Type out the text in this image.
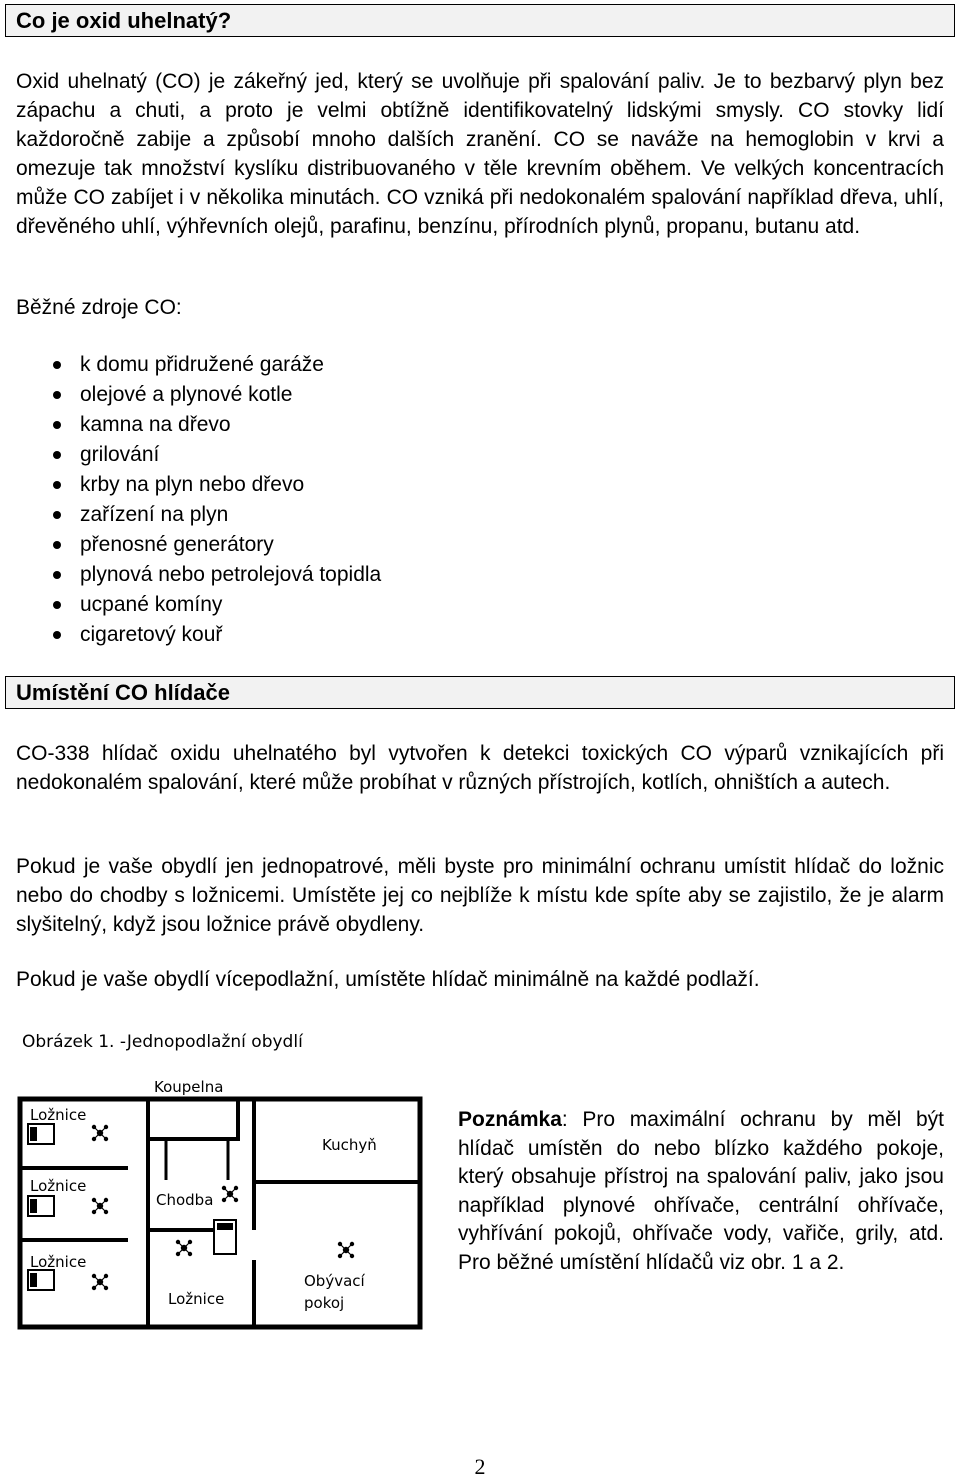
Co je oxid uhelnatý?

Oxid uhelnatý (CO) je zákeřný jed, který se uvolňuje při spalování paliv. Je to bezbarvý plyn bez zápachu a chuti, a proto je velmi obtížně identifikovatelný lidskými smysly. CO stovky lidí každoročně zabije a způsobí mnoho dalších zranění. CO se naváže na hemoglobin v krvi a omezuje tak množství kyslíku distribuovaného v těle krevním oběhem. Ve velkých koncentracích může CO zabíjet i v několika minutách. CO vzniká při nedokonalém spalování například dřeva, uhlí, dřevěného uhlí, výhřevních olejů, parafinu, benzínu, přírodních plynů, propanu, butanu atd.

Běžné zdroje CO:

k domu přidružené garáže
olejové a plynové kotle
kamna na dřevo
grilování
krby na plyn nebo dřevo
zařízení na plyn
přenosné generátory
plynová nebo petrolejová topidla
ucpané komíny
cigaretový kouř
Umístění CO hlídače

CO-338 hlídač oxidu uhelnatého byl vytvořen k detekci toxických CO výparů vznikajících při nedokonalém spalování, které může probíhat v různých přístrojích, kotlích, ohništích a autech.

Pokud je vaše obydlí jen jednopatrové, měli byste pro minimální ochranu umístit hlídač do ložnic nebo do chodby s ložnicemi. Umístěte jej co nejblíže k místu kde spíte aby se zajistilo, že je alarm slyšitelný, když jsou ložnice právě obydleny.

Pokud je vaše obydlí vícepodlažní, umístěte hlídač minimálně na každé podlaží.

Obrázek 1. -Jednopodlažní obydlí
Koupelna
Ložnice
Ložnice
Ložnice
Kuchyň
Chodba
Ložnice
Obývací
pokoj

Poznámka: Pro maximální ochranu by měl být hlídač umístěn do nebo blízko každého pokoje, který obsahuje přístroj na spalování paliv, jako jsou například plynové ohřívače, centrální ohřívače, vyhřívání pokojů, ohřívače vody, vařiče, grily, atd. Pro běžné umístění hlídačů viz obr. 1 a 2.

2
